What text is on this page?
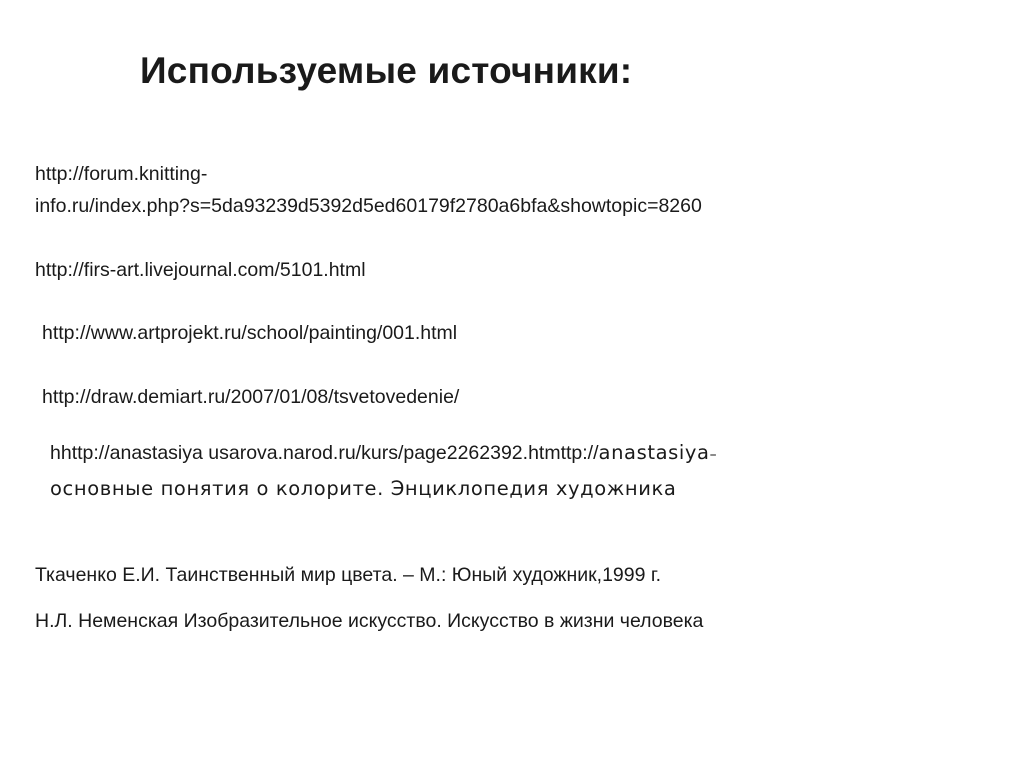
Используемые источники:
http://forum.knitting-
info.ru/index.php?s=5da93239d5392d5ed60179f2780a6bfa&showtopic=8260
http://firs-art.livejournal.com/5101.html
http://www.artprojekt.ru/school/painting/001.html
http://draw.demiart.ru/2007/01/08/tsvetovedenie/
hhttp://anastasiya usarova.narod.ru/kurs/page2262392.htmttp://anastasiya–
основные понятия о колорите. Энциклопедия художника
Ткаченко Е.И. Таинственный мир цвета. – М.: Юный художник,1999 г.
Н.Л. Неменская Изобразительное искусство. Искусство в жизни человека
